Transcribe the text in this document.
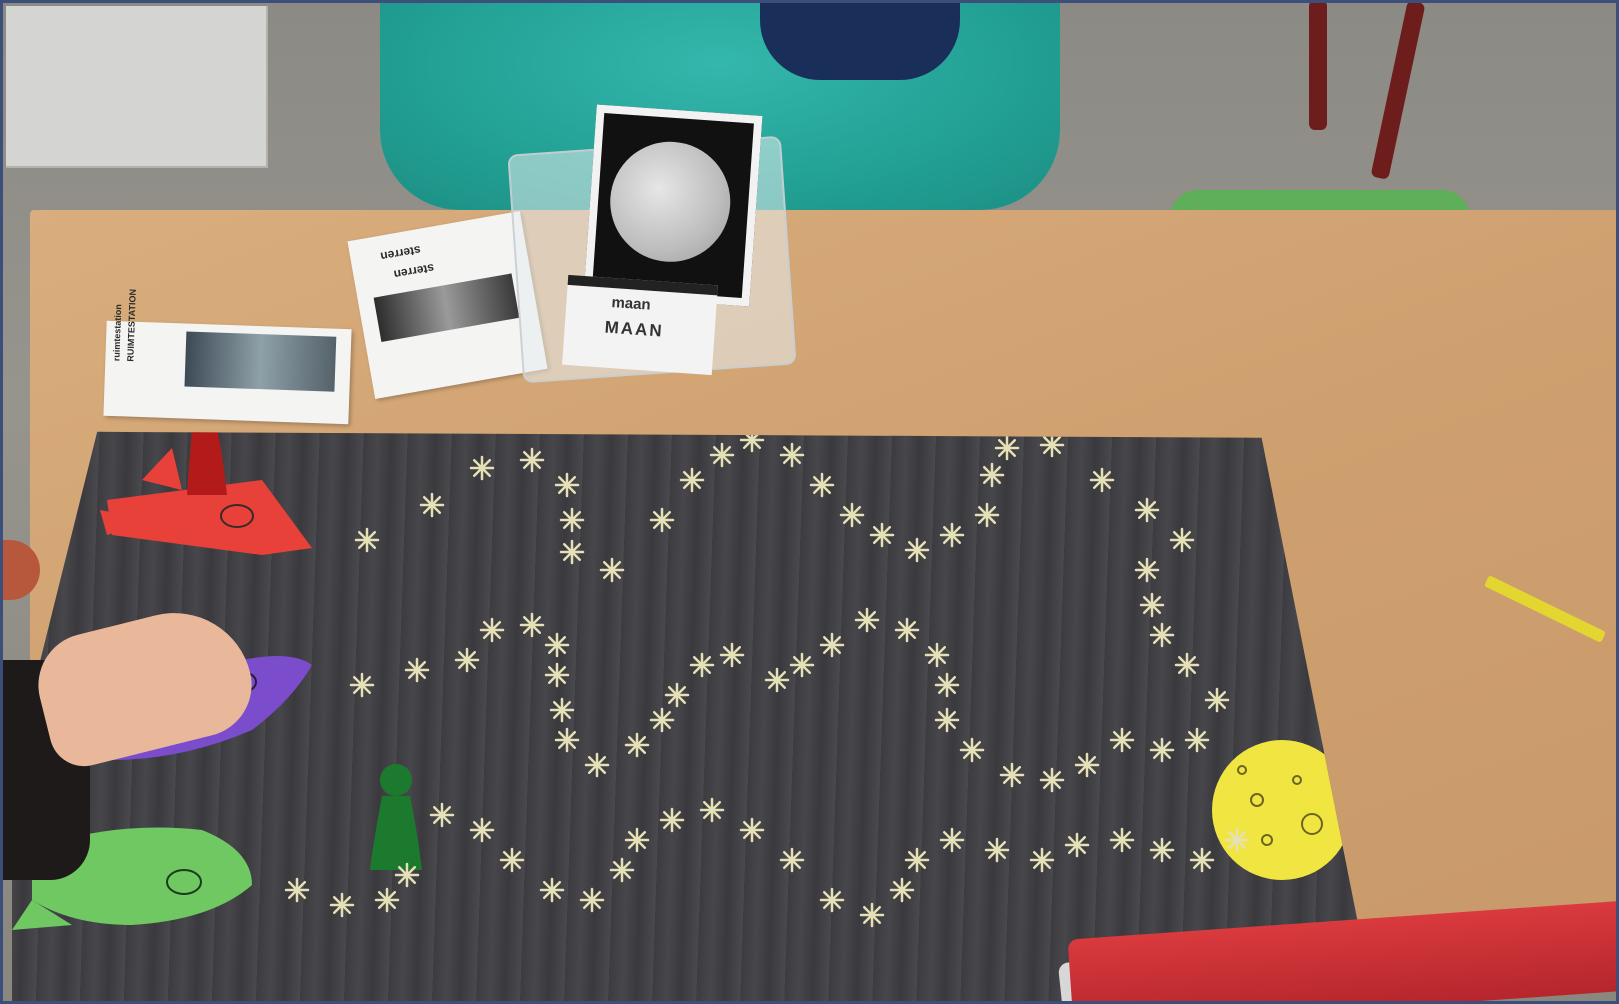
ruimtestation RUIMTESTATION
sterren
sterren
maan
MAAN
